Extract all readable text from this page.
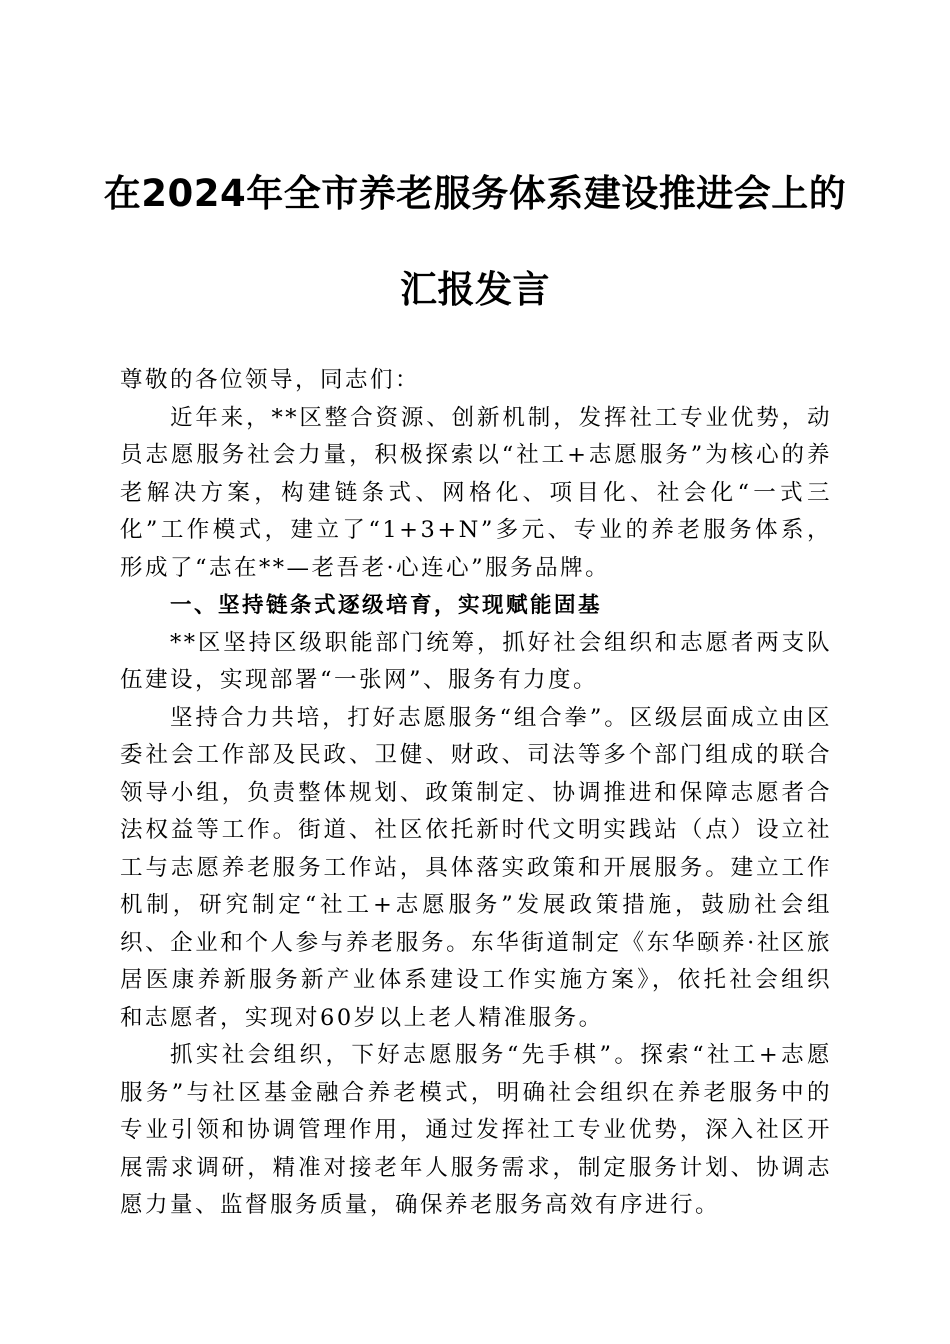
在2024年全市养老服务体系建设推进会上的
汇报发言

尊敬的各位领导，同志们：

近年来，**区整合资源、创新机制，发挥社工专业优势，动员志愿服务社会力量，积极探索以“社工+志愿服务”为核心的养老解决方案，构建链条式、网格化、项目化、社会化“一式三化”工作模式，建立了“1+3+N”多元、专业的养老服务体系，形成了“志在**—老吾老·心连心”服务品牌。

一、坚持链条式逐级培育，实现赋能固基

**区坚持区级职能部门统筹，抓好社会组织和志愿者两支队伍建设，实现部署“一张网”、服务有力度。

坚持合力共培，打好志愿服务“组合拳”。区级层面成立由区委社会工作部及民政、卫健、财政、司法等多个部门组成的联合领导小组，负责整体规划、政策制定、协调推进和保障志愿者合法权益等工作。街道、社区依托新时代文明实践站（点）设立社工与志愿养老服务工作站，具体落实政策和开展服务。建立工作机制，研究制定“社工+志愿服务”发展政策措施，鼓励社会组织、企业和个人参与养老服务。东华街道制定《东华颐养·社区旅居医康养新服务新产业体系建设工作实施方案》，依托社会组织和志愿者，实现对60岁以上老人精准服务。

抓实社会组织，下好志愿服务“先手棋”。探索“社工+志愿服务”与社区基金融合养老模式，明确社会组织在养老服务中的专业引领和协调管理作用，通过发挥社工专业优势，深入社区开展需求调研，精准对接老年人服务需求，制定服务计划、协调志愿力量、监督服务质量，确保养老服务高效有序进行。
